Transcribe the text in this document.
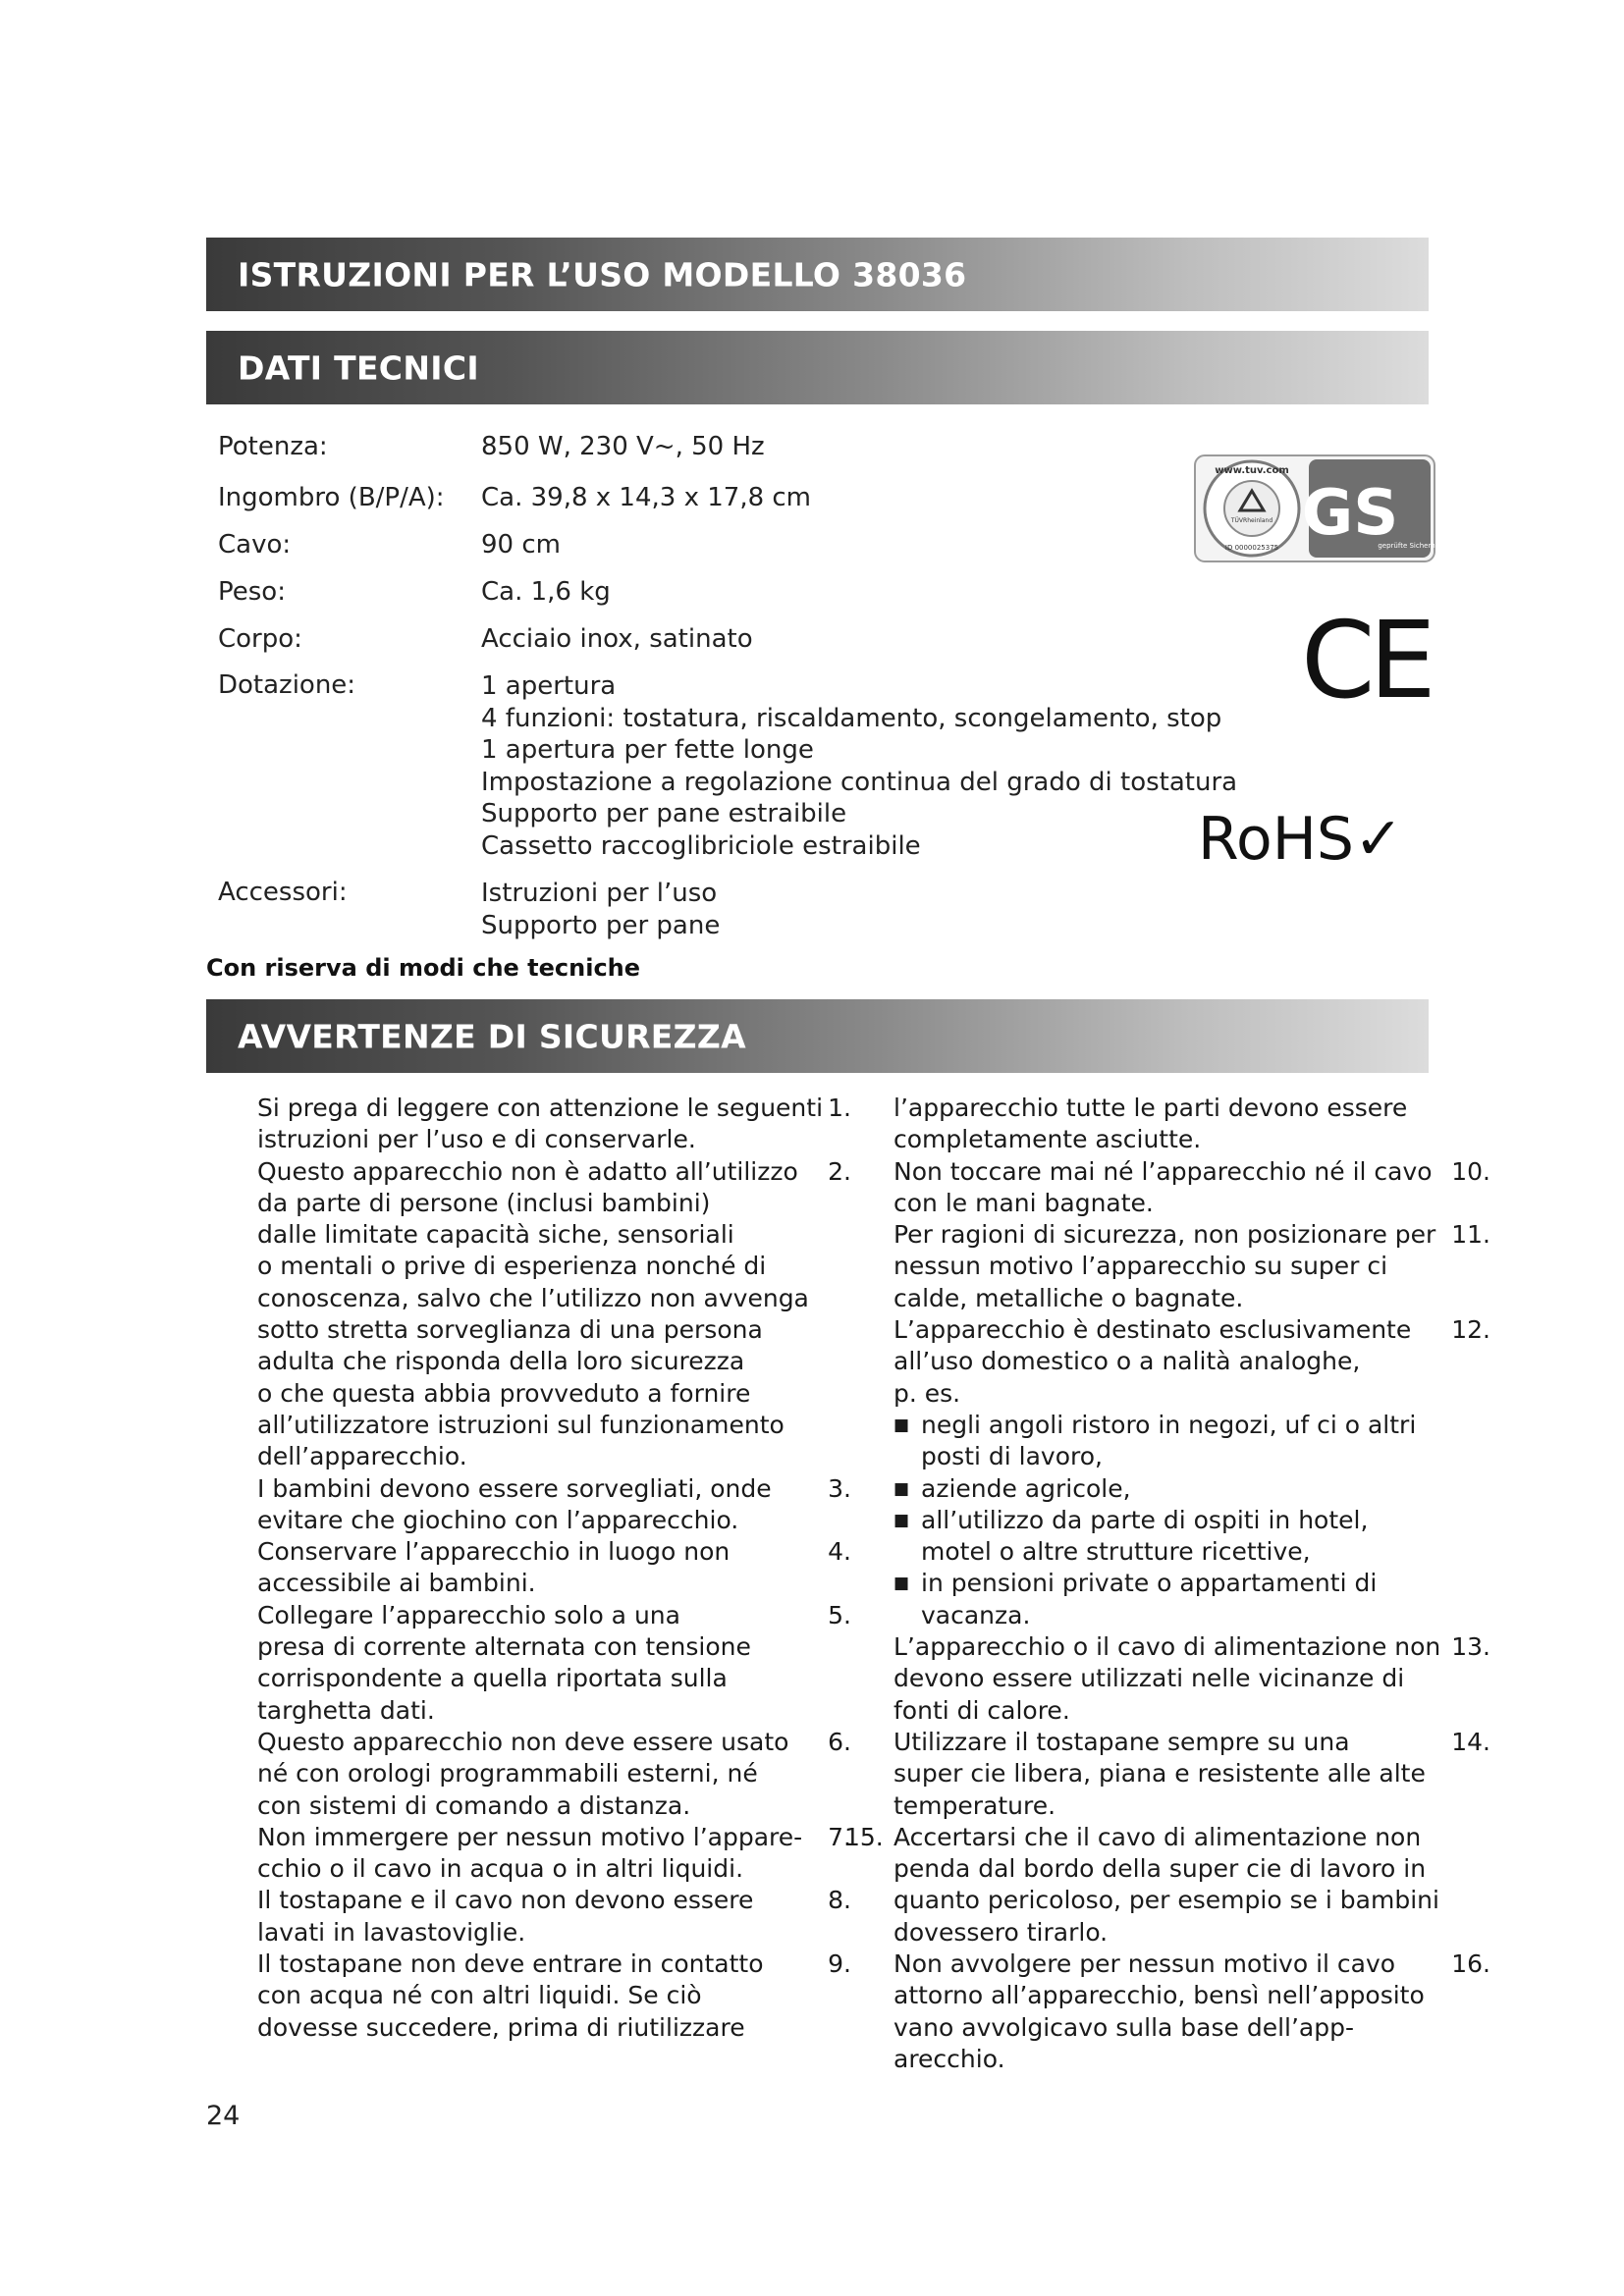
ISTRUZIONI PER L’USO MODELLO 38036
DATI TECNICI
Potenza:	850 W, 230 V~, 50 Hz
Ingombro (B/P/A): Ca. 39,8 x 14,3 x 17,8 cm
Cavo:	90 cm
Peso:	Ca. 1,6 kg
Corpo:	Acciaio inox, satinato
Dotazione:	1 apertura
4 funzioni: tostatura, riscaldamento, scongelamento, stop
1 apertura per fette longe
Impostazione a regolazione continua del grado di tostatura
Supporto per pane estraibile
Cassetto raccoglibriciole estraibile
Accessori:	Istruzioni per l’uso
Supporto per pane
Con riserva di modi che tecniche
www.tuv.com
TÜVRheinland
ID 0000025375 GS
geprüfte Sicherh
CE
RoHS✓
AVVERTENZE DI SICUREZZA
Si prega di leggere con attenzione le seguenti 1.
istruzioni per l’uso e di conservarle.
Questo apparecchio non è adatto all’utilizzo 2.
da parte di persone (inclusi bambini)
dalle limitate capacità siche, sensoriali
o mentali o prive di esperienza nonché di
conoscenza, salvo che l’utilizzo non avvenga
sotto stretta sorveglianza di una persona
adulta che risponda della loro sicurezza
o che questa abbia provveduto a fornire
all’utilizzatore istruzioni sul funzionamento
dell’apparecchio.
I bambini devono essere sorvegliati, onde 3.
evitare che giochino con l’apparecchio.
Conservare l’apparecchio in luogo non	4.
accessibile ai bambini.
Collegare l’apparecchio solo a una	5.
presa di corrente alternata con tensione
corrispondente a quella riportata sulla
targhetta dati.
Questo apparecchio non deve essere usato 6.
né con orologi programmabili esterni, né
con sistemi di comando a distanza.
Non immergere per nessun motivo l’appare- 7.
cchio o il cavo in acqua o in altri liquidi.
Il tostapane e il cavo non devono essere	8.
lavati in lavastoviglie.
Il tostapane non deve entrare in contatto	9.
con acqua né con altri liquidi. Se ciò
dovesse succedere, prima di riutilizzare
15.
l’apparecchio tutte le parti devono essere
completamente asciutte.
Non toccare mai né l’apparecchio né il cavo 10.
con le mani bagnate.
Per ragioni di sicurezza, non posizionare per 11.
nessun motivo l’apparecchio su super ci
calde, metalliche o bagnate.
L’apparecchio è destinato esclusivamente 12.
all’uso domestico o a nalità analoghe,
p. es.
■ negli angoli ristoro in negozi, uf ci o altri
posti di lavoro,
■ aziende agricole,
■ all’utilizzo da parte di ospiti in hotel,
motel o altre strutture ricettive,
■ in pensioni private o appartamenti di
vacanza.
L’apparecchio o il cavo di alimentazione non 13.
devono essere utilizzati nelle vicinanze di
fonti di calore.
Utilizzare il tostapane sempre su una	14.
super cie libera, piana e resistente alle alte
temperature.
Accertarsi che il cavo di alimentazione non
penda dal bordo della super cie di lavoro in
quanto pericoloso, per esempio se i bambini
dovessero tirarlo.
Non avvolgere per nessun motivo il cavo 16.
attorno all’apparecchio, bensì nell’apposito
vano avvolgicavo sulla base dell’app-
arecchio.
24
